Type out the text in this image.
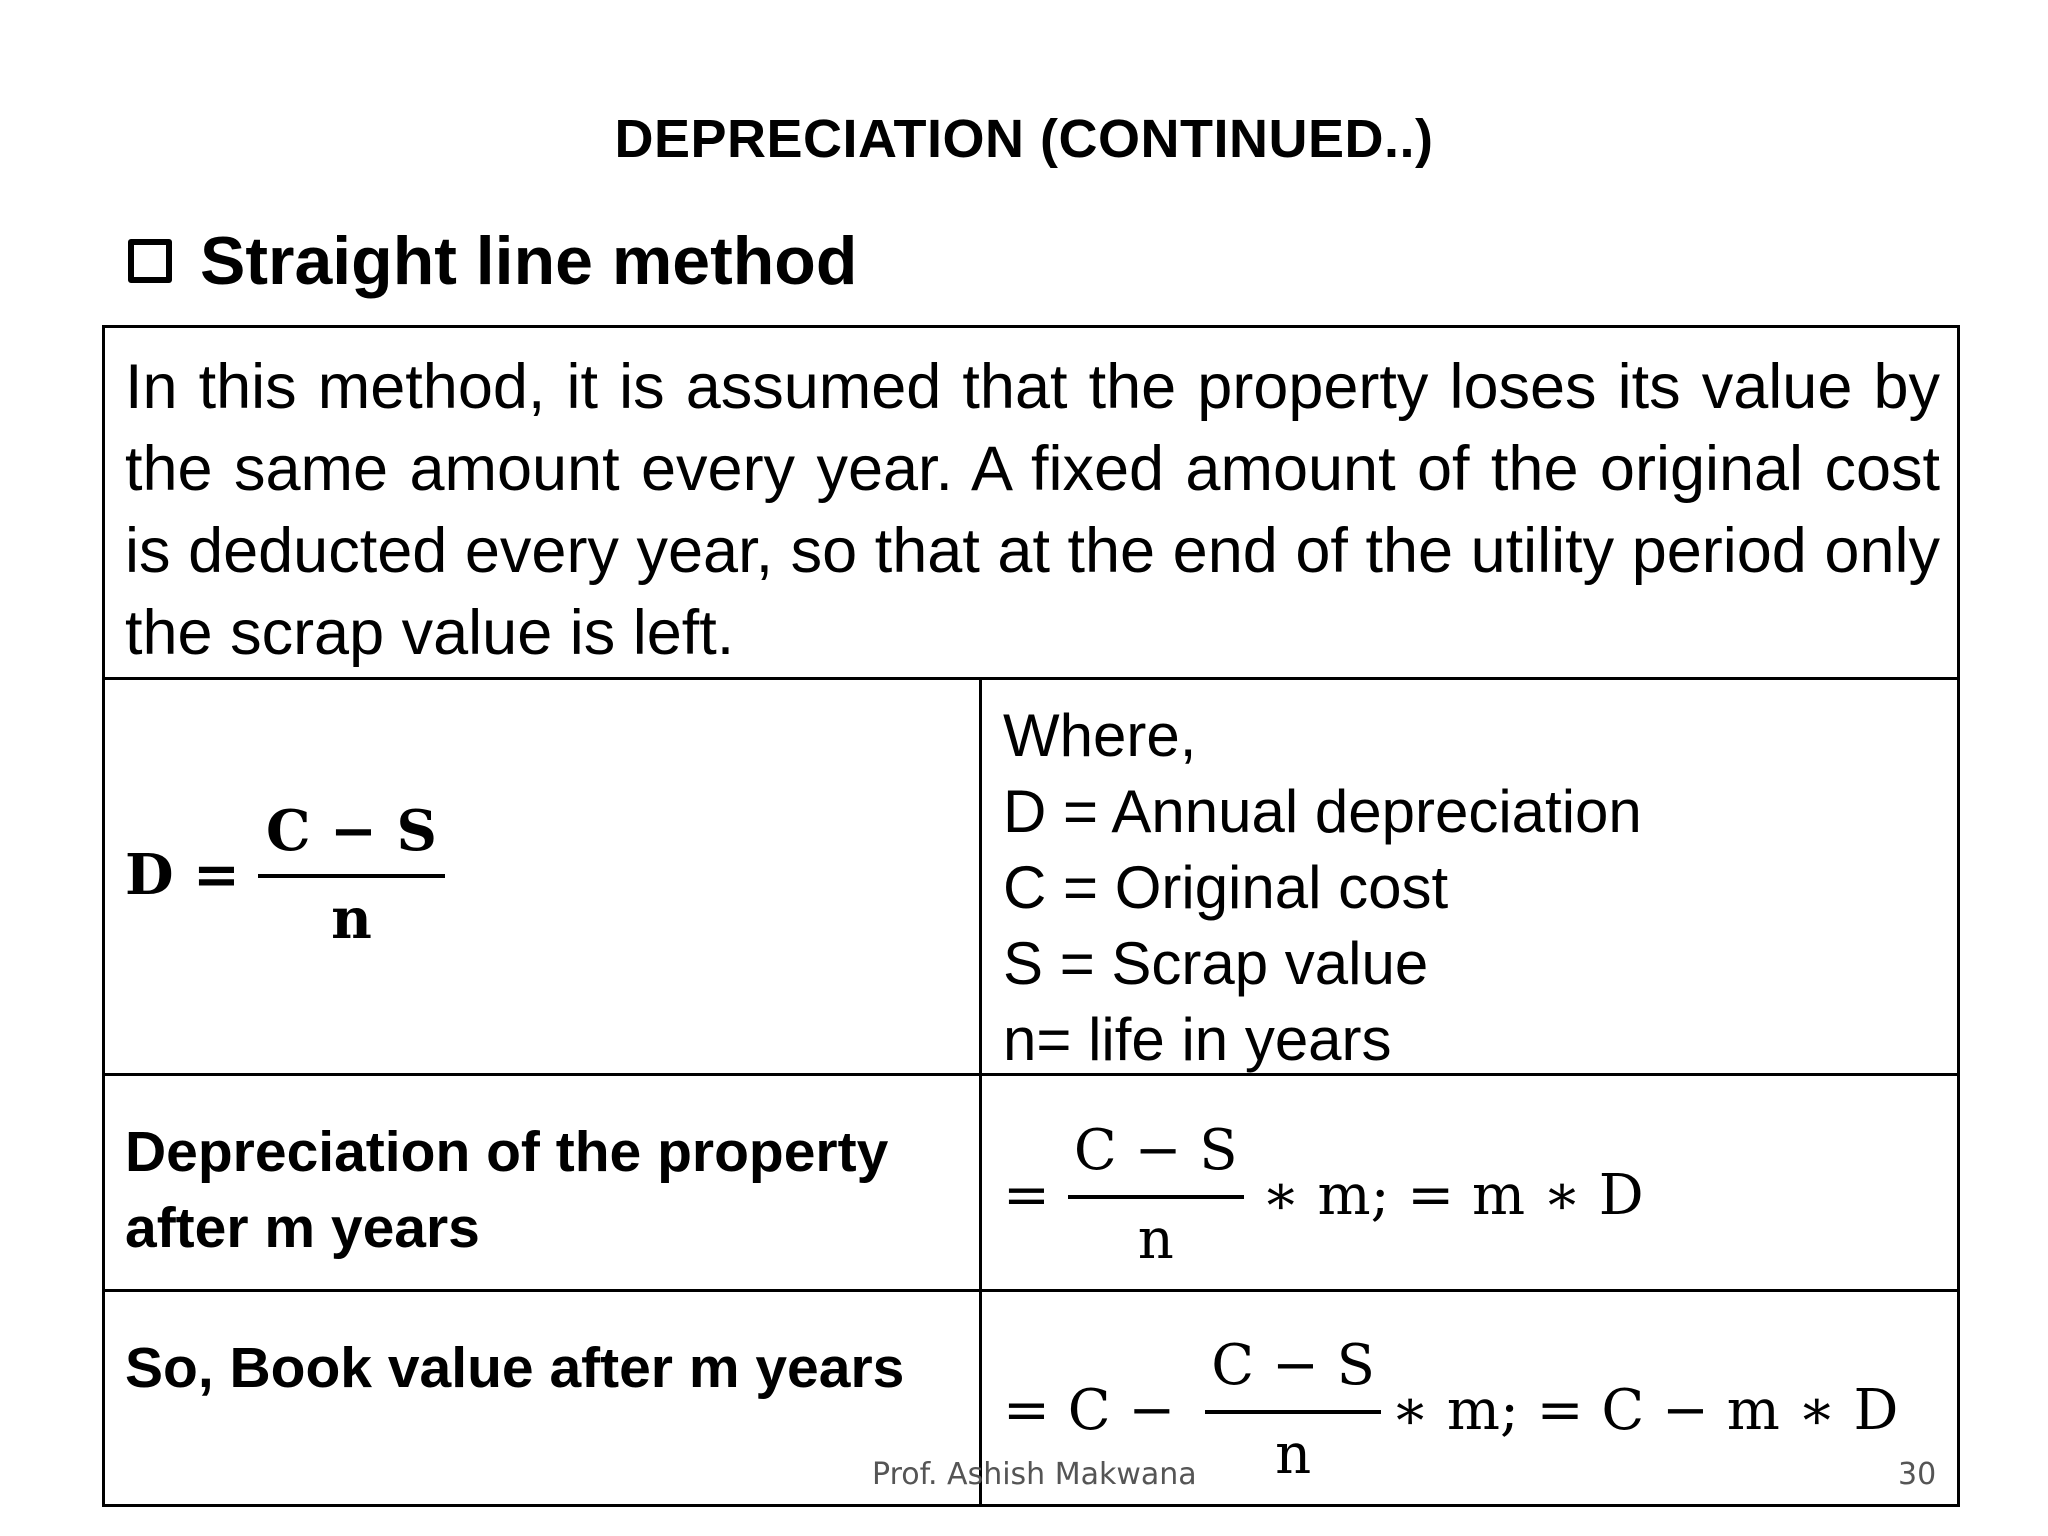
DEPRECIATION (CONTINUED..)
Straight line method
In this method, it is assumed that the property loses its value by the same amount every year. A fixed amount of the original cost is deducted every year, so that at the end of the utility period only the scrap value is left.
$D = \frac{C - S}{n}$
Where,
D = Annual depreciation
C = Original cost
S = Scrap value
n= life in years
Depreciation of the property after m years
= $\frac{C - S}{n}$ ∗ m; = m ∗ D
So, Book value after m years
= $C - \frac{C - S}{n}$ ∗ m; = C − m ∗ D
Prof. Ashish Makwana	30
